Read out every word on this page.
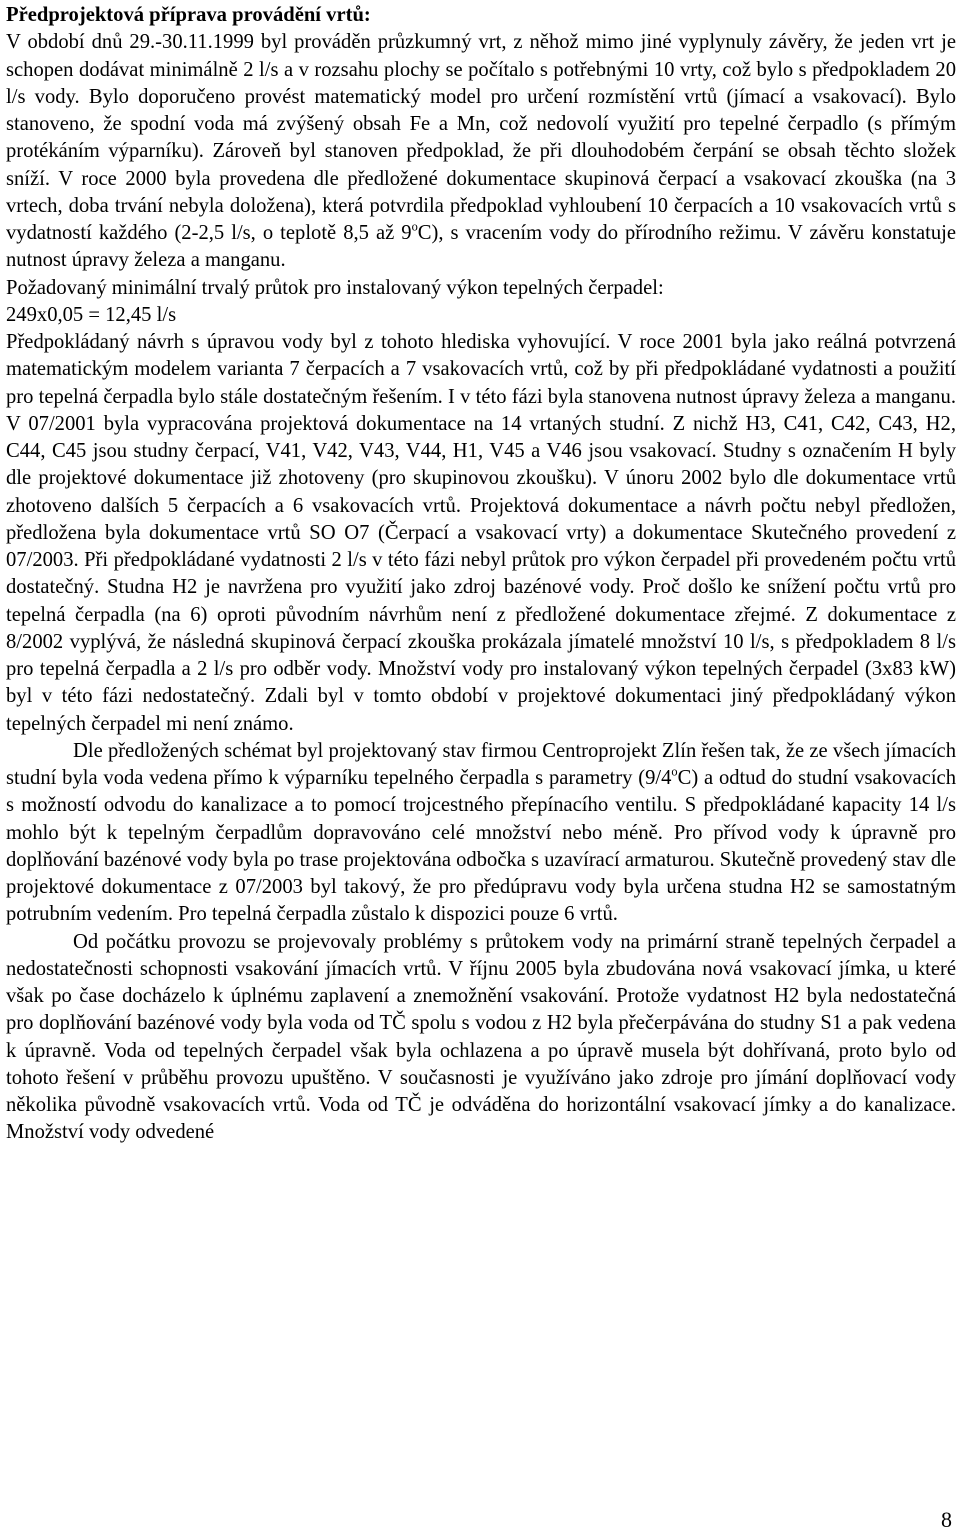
Předprojektová příprava provádění vrtů:

V období dnů 29.-30.11.1999 byl prováděn průzkumný vrt, z něhož mimo jiné vyplynuly závěry, že jeden vrt je schopen dodávat minimálně 2 l/s a v rozsahu plochy se počítalo s potřebnými 10 vrty, což bylo s předpokladem 20 l/s vody. Bylo doporučeno provést matematický model pro určení rozmístění vrtů (jímací a vsakovací). Bylo stanoveno, že spodní voda má zvýšený obsah Fe a Mn, což nedovolí využití pro tepelné čerpadlo (s přímým protékáním výparníku). Zároveň byl stanoven předpoklad, že při dlouhodobém čerpání se obsah těchto složek sníží. V roce 2000 byla provedena dle předložené dokumentace skupinová čerpací a vsakovací zkouška (na 3 vrtech, doba trvání nebyla doložena), která potvrdila předpoklad vyhloubení 10 čerpacích a 10 vsakovacích vrtů s vydatností každého (2-2,5 l/s, o teplotě 8,5 až 9$^o$C), s vracením vody do přírodního režimu. V závěru konstatuje nutnost úpravy železa a manganu.

Požadovaný minimální trvalý průtok pro instalovaný výkon tepelných čerpadel:
249x0,05 = 12,45 l/s

Předpokládaný návrh s úpravou vody byl z tohoto hlediska vyhovující. V roce 2001 byla jako reálná potvrzená matematickým modelem varianta 7 čerpacích a 7 vsakovacích vrtů, což by při předpokládané vydatnosti a použití pro tepelná čerpadla bylo stále dostatečným řešením. I v této fázi byla stanovena nutnost úpravy železa a manganu. V 07/2001 byla vypracována projektová dokumentace na 14 vrtaných studní. Z nichž H3, C41, C42, C43, H2, C44, C45 jsou studny čerpací, V41, V42, V43, V44, H1, V45 a V46 jsou vsakovací. Studny s označením H byly dle projektové dokumentace již zhotoveny (pro skupinovou zkoušku). V únoru 2002 bylo dle dokumentace vrtů zhotoveno dalších 5 čerpacích a 6 vsakovacích vrtů. Projektová dokumentace a návrh počtu nebyl předložen, předložena byla dokumentace vrtů SO O7 (Čerpací a vsakovací vrty) a dokumentace Skutečného provedení z 07/2003. Při předpokládané vydatnosti 2 l/s v této fázi nebyl průtok pro výkon čerpadel při provedeném počtu vrtů dostatečný. Studna H2 je navržena pro využití jako zdroj bazénové vody. Proč došlo ke snížení počtu vrtů pro tepelná čerpadla (na 6) oproti původním návrhům není z předložené dokumentace zřejmé. Z dokumentace z 8/2002 vyplývá, že následná skupinová čerpací zkouška prokázala jímatelé množství 10 l/s, s předpokladem 8 l/s pro tepelná čerpadla a 2 l/s pro odběr vody. Množství vody pro instalovaný výkon tepelných čerpadel (3x83 kW) byl v této fázi nedostatečný. Zdali byl v tomto období v projektové dokumentaci jiný předpokládaný výkon tepelných čerpadel mi není známo.

Dle předložených schémat byl projektovaný stav firmou Centroprojekt Zlín řešen tak, že ze všech jímacích studní byla voda vedena přímo k výparníku tepelného čerpadla s parametry (9/4$^o$C) a odtud do studní vsakovacích s možností odvodu do kanalizace a to pomocí trojcestného přepínacího ventilu. S předpokládané kapacity 14 l/s mohlo být k tepelným čerpadlům dopravováno celé množství nebo méně. Pro přívod vody k úpravně pro doplňování bazénové vody byla po trase projektována odbočka s uzavírací armaturou. Skutečně provedený stav dle projektové dokumentace z 07/2003 byl takový, že pro předúpravu vody byla určena studna H2 se samostatným potrubním vedením. Pro tepelná čerpadla zůstalo k dispozici pouze 6 vrtů.

Od počátku provozu se projevovaly problémy s průtokem vody na primární straně tepelných čerpadel a nedostatečnosti schopnosti vsakování jímacích vrtů. V říjnu 2005 byla zbudována nová vsakovací jímka, u které však po čase docházelo k úplnému zaplavení a znemožnění vsakování. Protože vydatnost H2 byla nedostatečná pro doplňování bazénové vody byla voda od TČ spolu s vodou z H2 byla přečerpávána do studny S1 a pak vedena k úpravně. Voda od tepelných čerpadel však byla ochlazena a po úpravě musela být dohřívaná, proto bylo od tohoto řešení v průběhu provozu upuštěno. V současnosti je využíváno jako zdroje pro jímání doplňovací vody několika původně vsakovacích vrtů. Voda od TČ je odváděna do horizontální vsakovací jímky a do kanalizace. Množství vody odvedené

8
